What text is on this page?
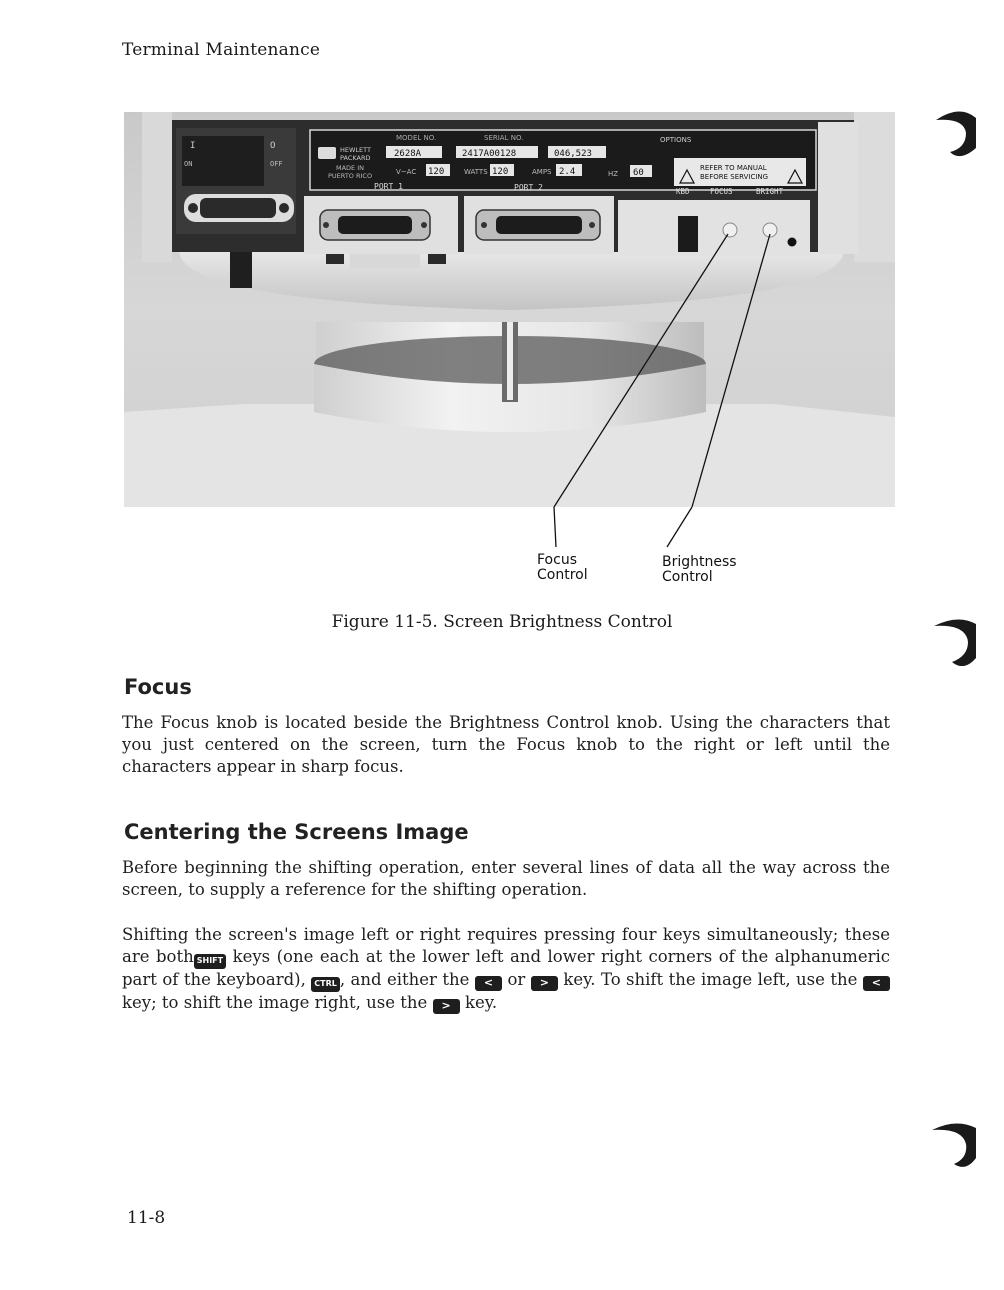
Terminal Maintenance
I	O
ON	OFF
MODEL NO.	SERIAL NO.	OPTIONS
HEWLETT
PACKARD
MADE IN
PUERTO RICO
2628A	2417A00128	046,523
V~AC 120	WATTS 120	AMPS 2.4	HZ 60	REFER TO MANUAL
BEFORE SERVICING
PORT 1	PORT 2	KBD	FOCUS	BRIGHT
Focus
Control
Brightness
Control
Figure 11-5. Screen Brightness Control
Focus
The Focus knob is located beside the Brightness Control knob. Using the characters that you just centered on the screen, turn the Focus knob to the right or left until the characters appear in sharp focus.
Centering the Screens Image
Before beginning the shifting operation, enter several lines of data all the way across the screen, to supply a reference for the shifting operation.
Shifting the screen's image left or right requires pressing four keys simultaneously; these are both SHIFT keys (one each at the lower left and lower right corners of the alphanumeric part of the keyboard), CTRL , and either the < or > key. To shift the image left, use the < key; to shift the image right, use the > key.
11-8
